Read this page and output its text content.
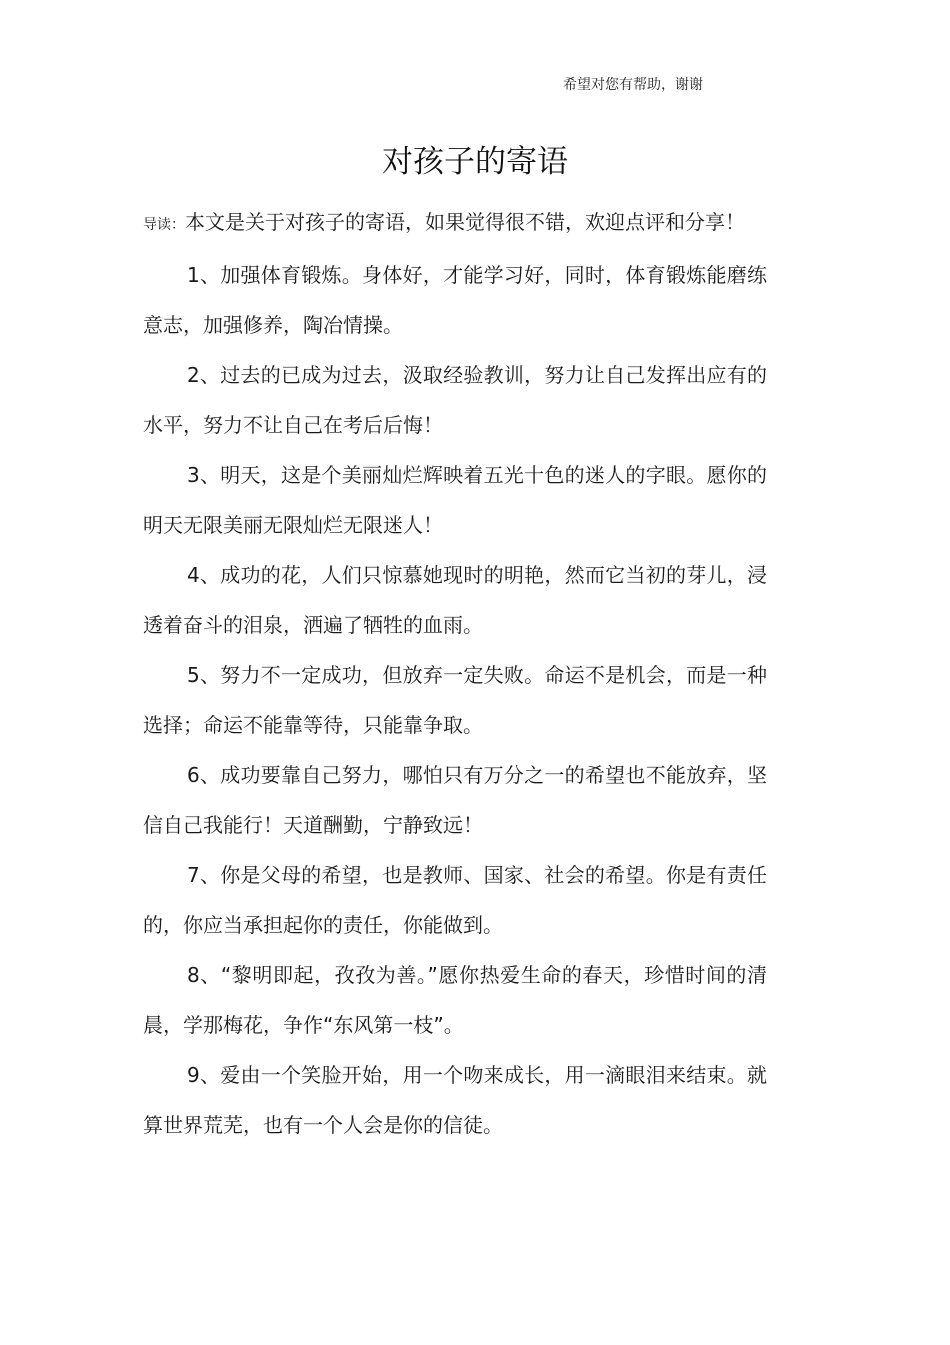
希望对您有帮助，谢谢
对孩子的寄语

导读：本文是关于对孩子的寄语，如果觉得很不错，欢迎点评和分享！

1、加强体育锻炼。身体好，才能学习好，同时，体育锻炼能磨练意志，加强修养，陶冶情操。

2、过去的已成为过去，汲取经验教训，努力让自己发挥出应有的水平，努力不让自己在考后后悔！

3、明天，这是个美丽灿烂辉映着五光十色的迷人的字眼。愿你的明天无限美丽无限灿烂无限迷人！

4、成功的花，人们只惊慕她现时的明艳，然而它当初的芽儿，浸透着奋斗的泪泉，洒遍了牺牲的血雨。

5、努力不一定成功，但放弃一定失败。命运不是机会，而是一种选择；命运不能靠等待，只能靠争取。

6、成功要靠自己努力，哪怕只有万分之一的希望也不能放弃，坚信自己我能行！天道酬勤，宁静致远！

7、你是父母的希望，也是教师、国家、社会的希望。你是有责任的，你应当承担起你的责任，你能做到。

8、“黎明即起，孜孜为善。”愿你热爱生命的春天，珍惜时间的清晨，学那梅花，争作“东风第一枝”。

9、爱由一个笑脸开始，用一个吻来成长，用一滴眼泪来结束。就算世界荒芜，也有一个人会是你的信徒。
